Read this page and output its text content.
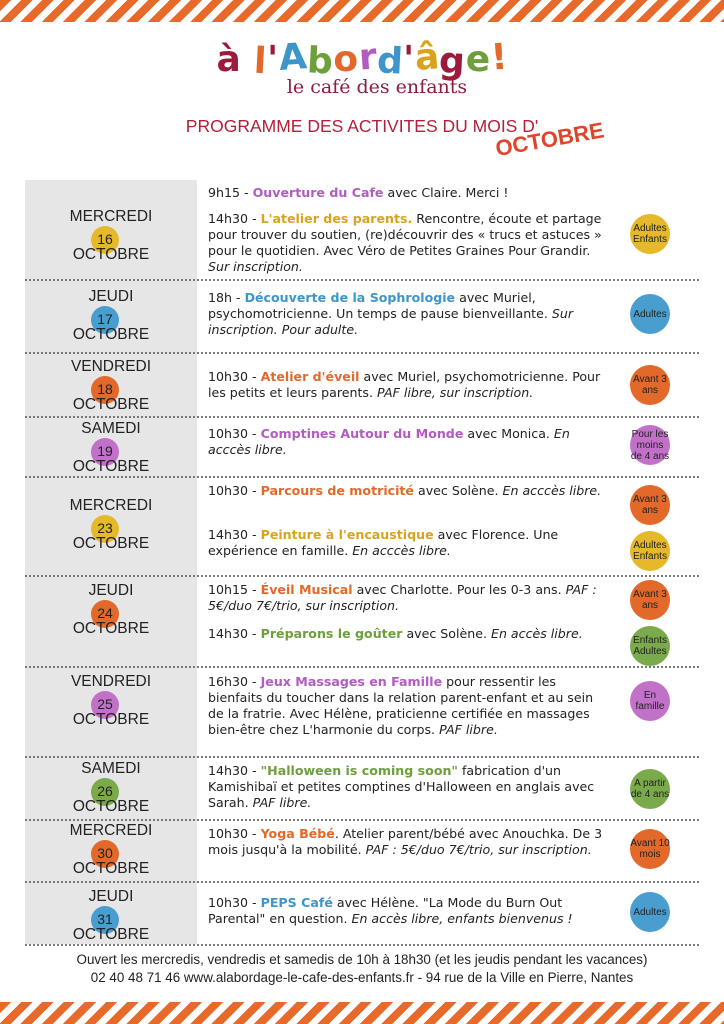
à l'Abord'âge!
le café des enfants
PROGRAMME DES ACTIVITES DU MOIS D'
OCTOBRE
MERCREDI
16
OCTOBRE
9h15 - Ouverture du Cafe avec Claire. Merci !
14h30 - L'atelier des parents. Rencontre, écoute et partage pour trouver du soutien, (re)découvrir des « trucs et astuces » pour le quotidien. Avec Véro de Petites Graines Pour Grandir. Sur inscription.
Adultes Enfants
JEUDI
17
OCTOBRE
18h - Découverte de la Sophrologie avec Muriel, psychomotricienne. Un temps de pause bienveillante. Sur inscription. Pour adulte.
Adultes
VENDREDI
18
OCTOBRE
10h30 - Atelier d'éveil avec Muriel, psychomotricienne. Pour les petits et leurs parents. PAF libre, sur inscription.
Avant 3 ans
SAMEDI
19
OCTOBRE
10h30 - Comptines Autour du Monde avec Monica. En acccès libre.
Pour les moins de 4 ans
MERCREDI
23
OCTOBRE
10h30 - Parcours de motricité avec Solène. En acccès libre.
14h30 - Peinture à l'encaustique avec Florence. Une expérience en famille. En acccès libre.
Avant 3 ans
Adultes Enfants
JEUDI
24
OCTOBRE
10h15 - Éveil Musical avec Charlotte. Pour les 0-3 ans. PAF : 5€/duo 7€/trio, sur inscription.
14h30 - Préparons le goûter avec Solène. En accès libre.
Avant 3 ans
Enfants Adultes
VENDREDI
25
OCTOBRE
16h30 - Jeux Massages en Famille pour ressentir les bienfaits du toucher dans la relation parent-enfant et au sein de la fratrie. Avec Hélène, praticienne certifiée en massages bien-être chez L'harmonie du corps. PAF libre.
En famille
SAMEDI
26
OCTOBRE
14h30 - "Halloween is coming soon" fabrication d'un Kamishibaï et petites comptines d'Halloween en anglais avec Sarah. PAF libre.
A partir de 4 ans
MERCREDI
30
OCTOBRE
10h30 - Yoga Bébé. Atelier parent/bébé avec Anouchka. De 3 mois jusqu'à la mobilité. PAF : 5€/duo 7€/trio, sur inscription.	Avant 10 mois
JEUDI
31
OCTOBRE
10h30 - PEPS Café avec Hélène. "La Mode du Burn Out Parental" en question. En accès libre, enfants bienvenus !	Adultes
Ouvert les mercredis, vendredis et samedis de 10h à 18h30 (et les jeudis pendant les vacances)
02 40 48 71 46 www.alabordage-le-cafe-des-enfants.fr - 94 rue de la Ville en Pierre, Nantes
